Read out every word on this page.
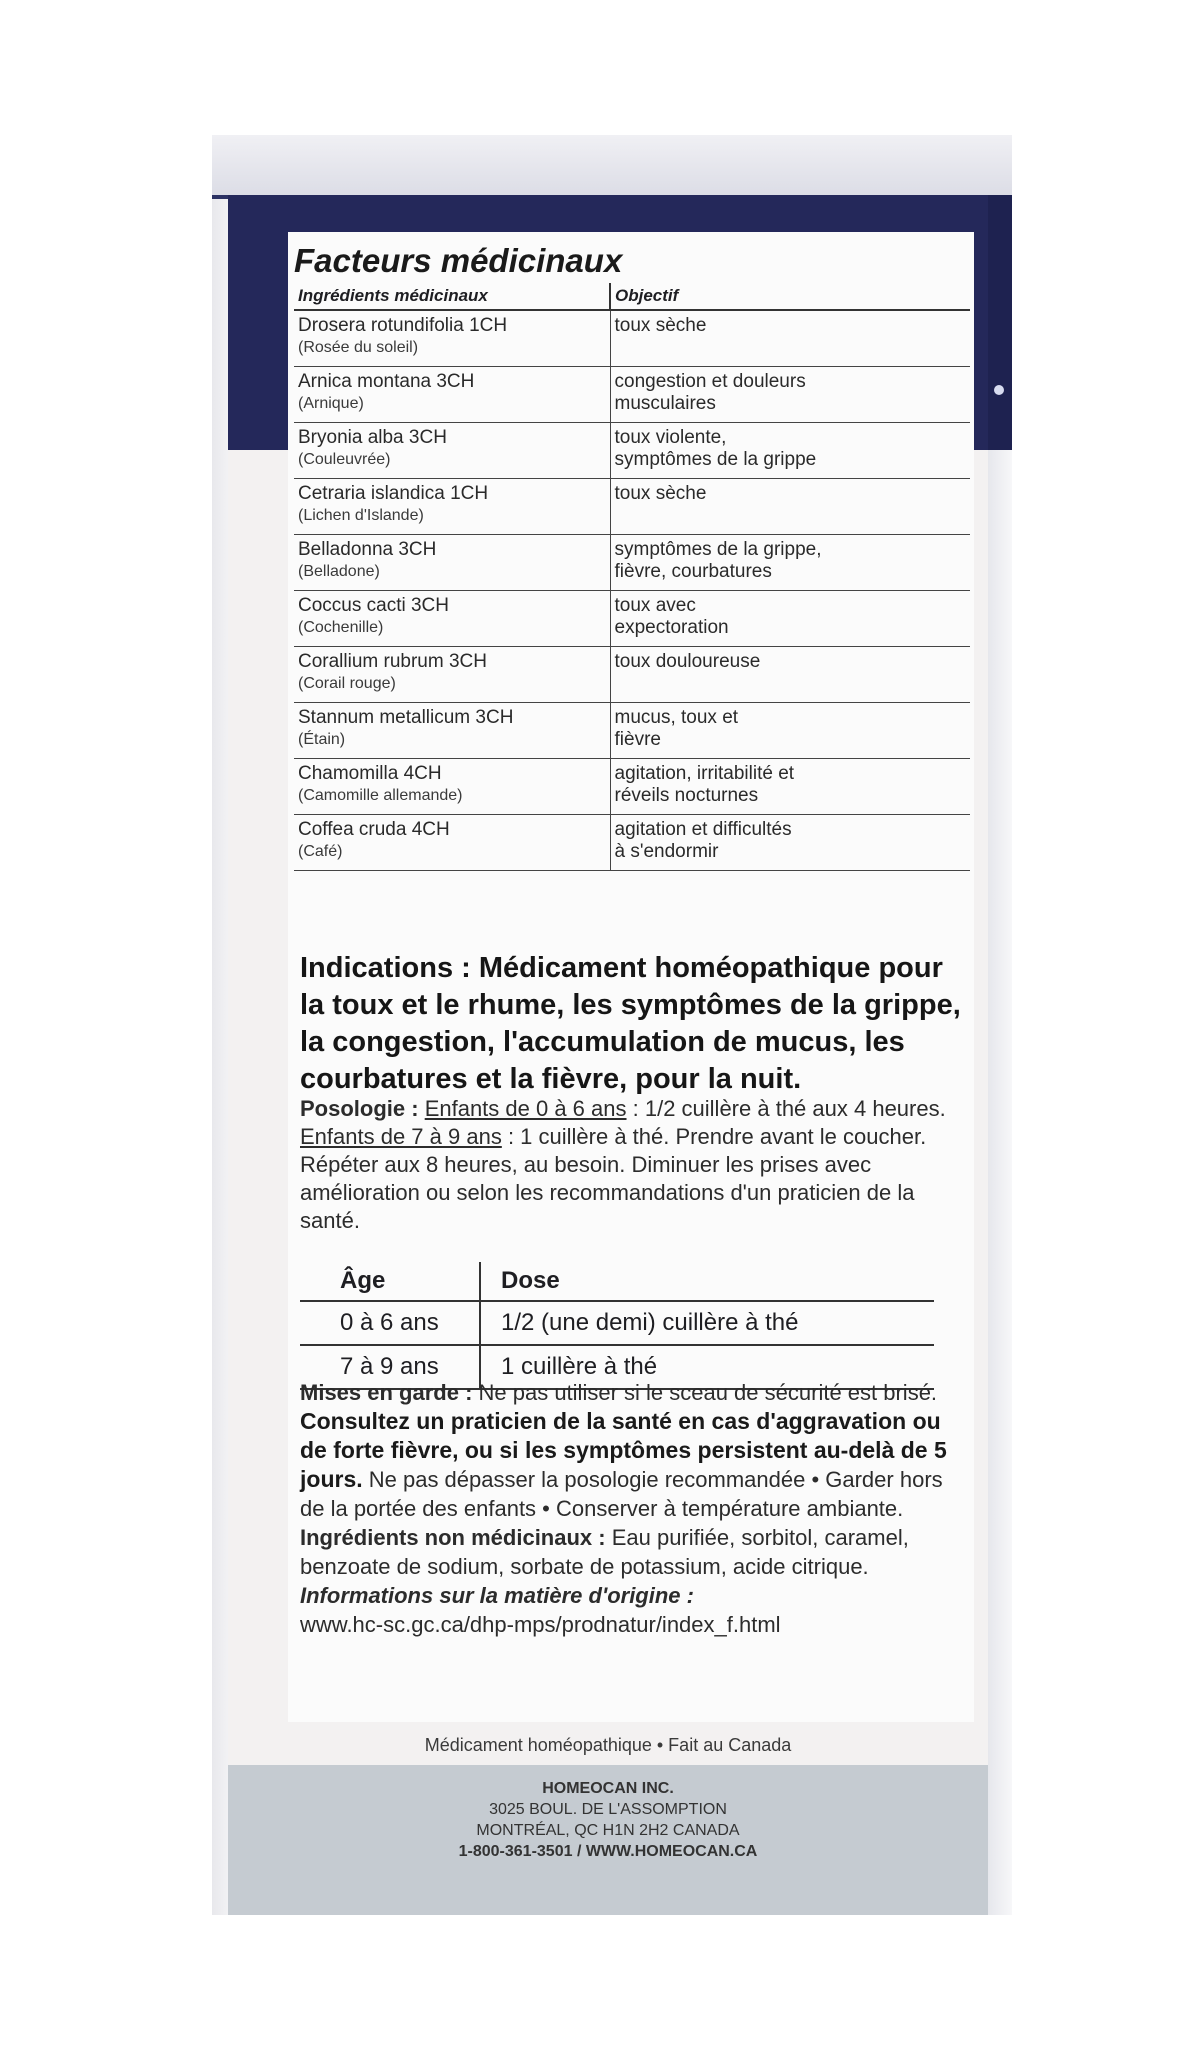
Facteurs médicinaux
Ingrédients médicinaux	Objectif

Drosera rotundifolia 1CH
(Rosée du soleil)	toux sèche

Arnica montana 3CH
(Arnique)	congestion et douleurs
musculaires

Bryonia alba 3CH
(Couleuvrée)	toux violente,
symptômes de la grippe

Cetraria islandica 1CH
(Lichen d'Islande)	toux sèche

Belladonna 3CH
(Belladone)	symptômes de la grippe,
fièvre, courbatures

Coccus cacti 3CH
(Cochenille)	toux avec
expectoration

Corallium rubrum 3CH
(Corail rouge)	toux douloureuse

Stannum metallicum 3CH
(Étain)	mucus, toux et
fièvre

Chamomilla 4CH
(Camomille allemande)	agitation, irritabilité et
réveils nocturnes

Coffea cruda 4CH
(Café)	agitation et difficultés
à s'endormir
Indications : Médicament homéopathique pour la toux et le rhume, les symptômes de la grippe, la congestion, l'accumulation de mucus, les courbatures et la fièvre, pour la nuit.

Posologie : Enfants de 0 à 6 ans : 1/2 cuillère à thé aux 4 heures. Enfants de 7 à 9 ans : 1 cuillère à thé. Prendre avant le coucher. Répéter aux 8 heures, au besoin. Diminuer les prises avec amélioration ou selon les recommandations d'un praticien de la santé.

Âge	Dose
0 à 6 ans	1/2 (une demi) cuillère à thé
7 à 9 ans	1 cuillère à thé
Mises en garde : Ne pas utiliser si le sceau de sécurité est brisé. Consultez un praticien de la santé en cas d'aggravation ou de forte fièvre, ou si les symptômes persistent au-delà de 5 jours. Ne pas dépasser la posologie recommandée • Garder hors de la portée des enfants • Conserver à température ambiante.
Ingrédients non médicinaux : Eau purifiée, sorbitol, caramel, benzoate de sodium, sorbate de potassium, acide citrique.
Informations sur la matière d'origine :
www.hc-sc.gc.ca/dhp-mps/prodnatur/index_f.html
Médicament homéopathique • Fait au Canada
HOMEOCAN INC.
3025 BOUL. DE L'ASSOMPTION
MONTRÉAL, QC H1N 2H2 CANADA
1-800-361-3501 / WWW.HOMEOCAN.CA
